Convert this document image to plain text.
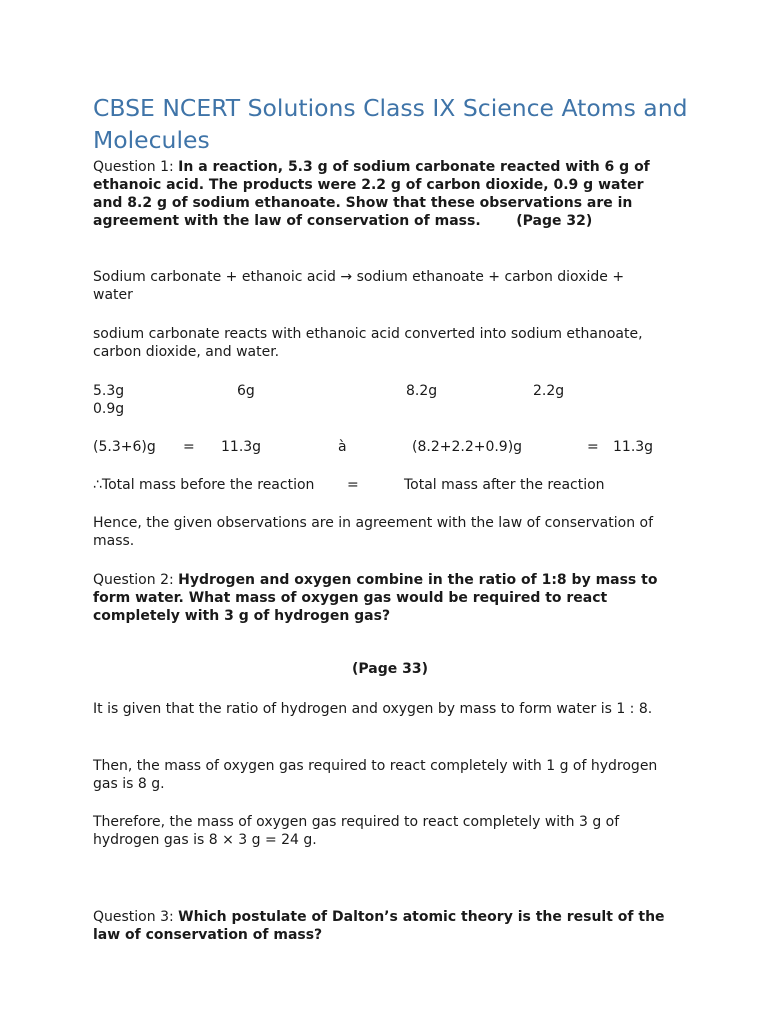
CBSE NCERT Solutions Class IX Science Atoms and Molecules

Question 1: In a reaction, 5.3 g of sodium carbonate reacted with 6 g of ethanoic acid. The products were 2.2 g of carbon dioxide, 0.9 g water and 8.2 g of sodium ethanoate. Show that these observations are in agreement with the law of conservation of mass.	(Page 32)

Sodium carbonate + ethanoic acid → sodium ethanoate + carbon dioxide + water

sodium carbonate reacts with ethanoic acid converted into sodium ethanoate, carbon dioxide, and water.

5.3g	6g	8.2g	2.2g
0.9g
(5.3+6)g = 11.3g	à	(8.2+2.2+0.9)g	= 11.3g
∴Total mass before the reaction =	Total mass after the reaction

Hence, the given observations are in agreement with the law of conservation of mass.

Question 2: Hydrogen and oxygen combine in the ratio of 1:8 by mass to form water. What mass of oxygen gas would be required to react completely with 3 g of hydrogen gas?

(Page 33)

It is given that the ratio of hydrogen and oxygen by mass to form water is 1 : 8.

Then, the mass of oxygen gas required to react completely with 1 g of hydrogen gas is 8 g.

Therefore, the mass of oxygen gas required to react completely with 3 g of hydrogen gas is 8 × 3 g = 24 g.

Question 3: Which postulate of Dalton’s atomic theory is the result of the law of conservation of mass?
